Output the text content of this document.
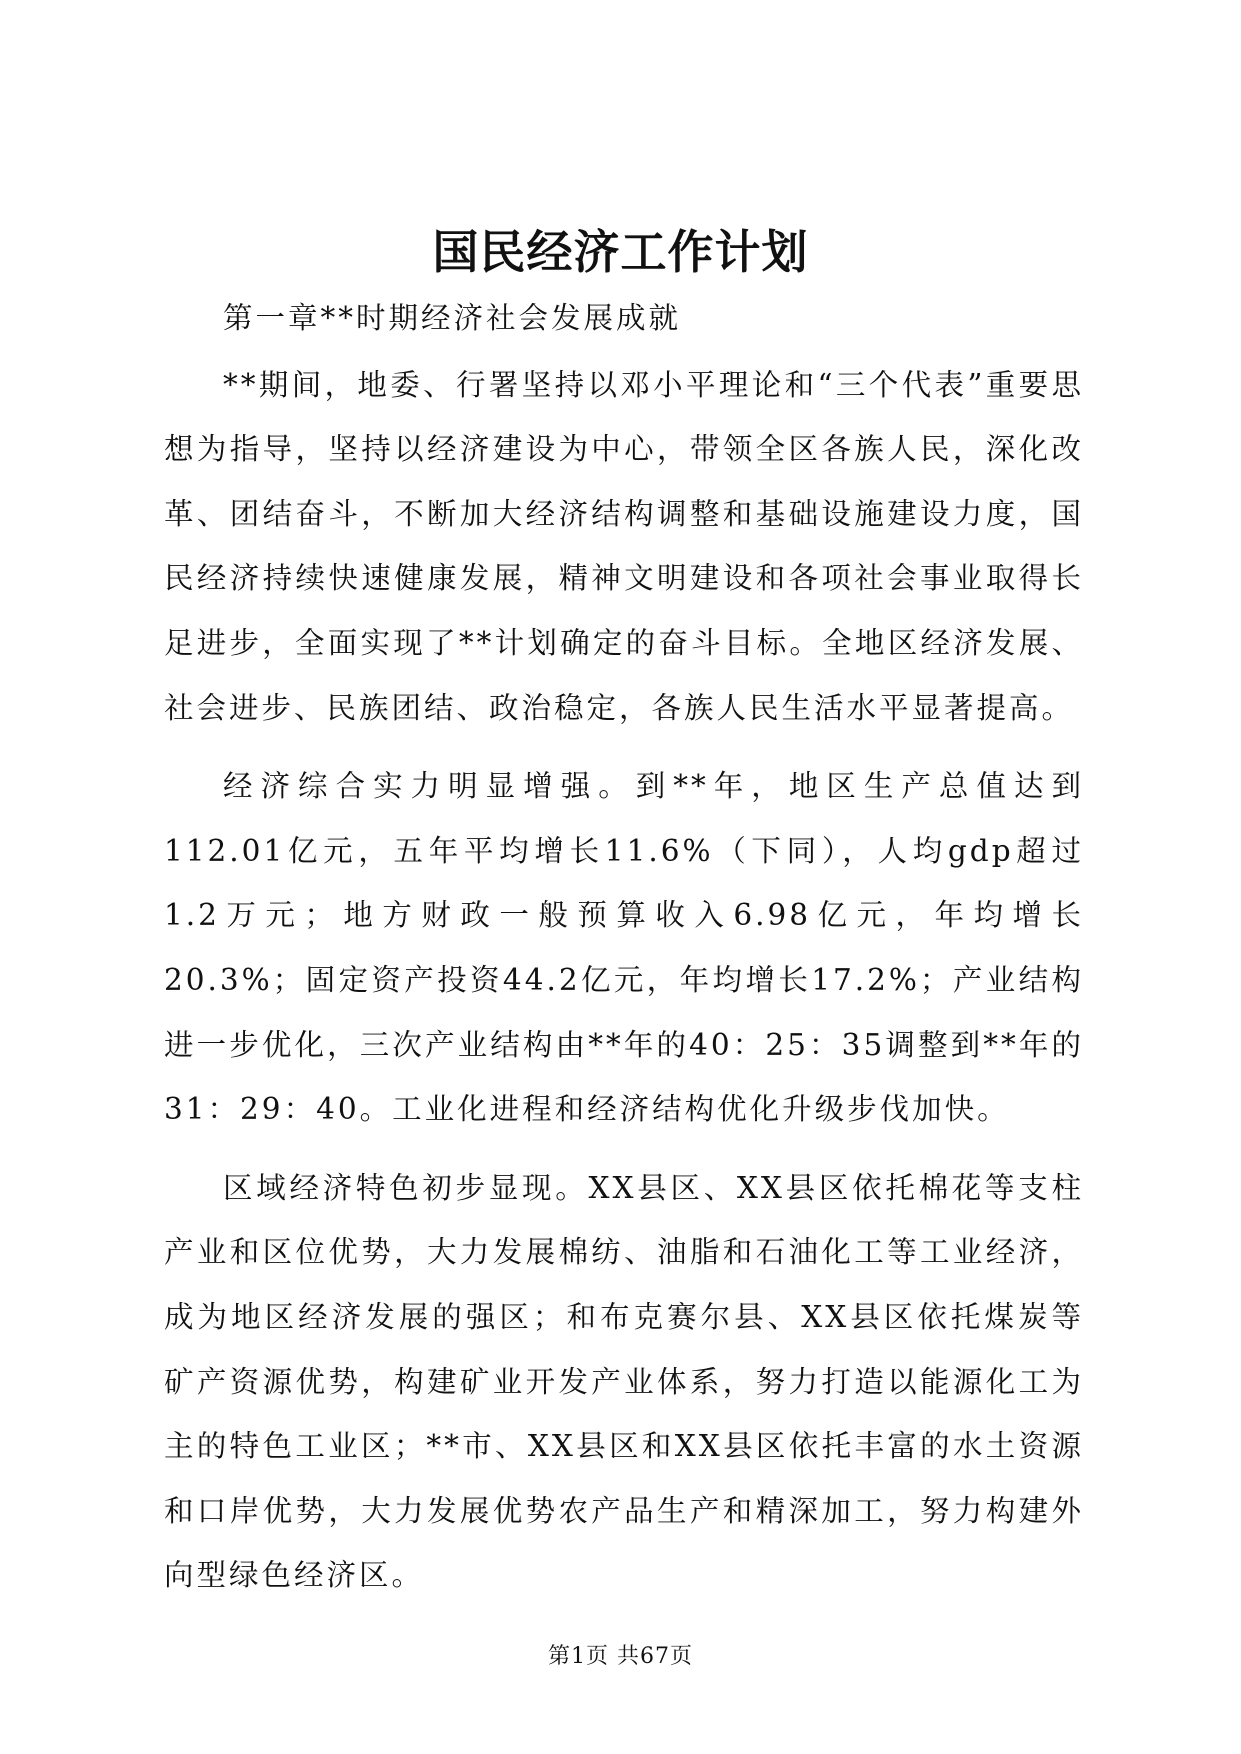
国民经济工作计划

第一章**时期经济社会发展成就

**期间，地委、行署坚持以邓小平理论和“三个代表”重要思想为指导，坚持以经济建设为中心，带领全区各族人民，深化改革、团结奋斗，不断加大经济结构调整和基础设施建设力度，国民经济持续快速健康发展，精神文明建设和各项社会事业取得长足进步，全面实现了**计划确定的奋斗目标。全地区经济发展、社会进步、民族团结、政治稳定，各族人民生活水平显著提高。

经济综合实力明显增强。到**年，地区生产总值达到112.01亿元，五年平均增长11.6%（下同），人均gdp超过1.2万元；地方财政一般预算收入6.98亿元，年均增长20.3%；固定资产投资44.2亿元，年均增长17.2%；产业结构进一步优化，三次产业结构由**年的40：25：35调整到**年的31：29：40。工业化进程和经济结构优化升级步伐加快。

区域经济特色初步显现。XX县区、XX县区依托棉花等支柱产业和区位优势，大力发展棉纺、油脂和石油化工等工业经济，成为地区经济发展的强区；和布克赛尔县、XX县区依托煤炭等矿产资源优势，构建矿业开发产业体系，努力打造以能源化工为主的特色工业区；**市、XX县区和XX县区依托丰富的水土资源和口岸优势，大力发展优势农产品生产和精深加工，努力构建外向型绿色经济区。

第1页 共67页
